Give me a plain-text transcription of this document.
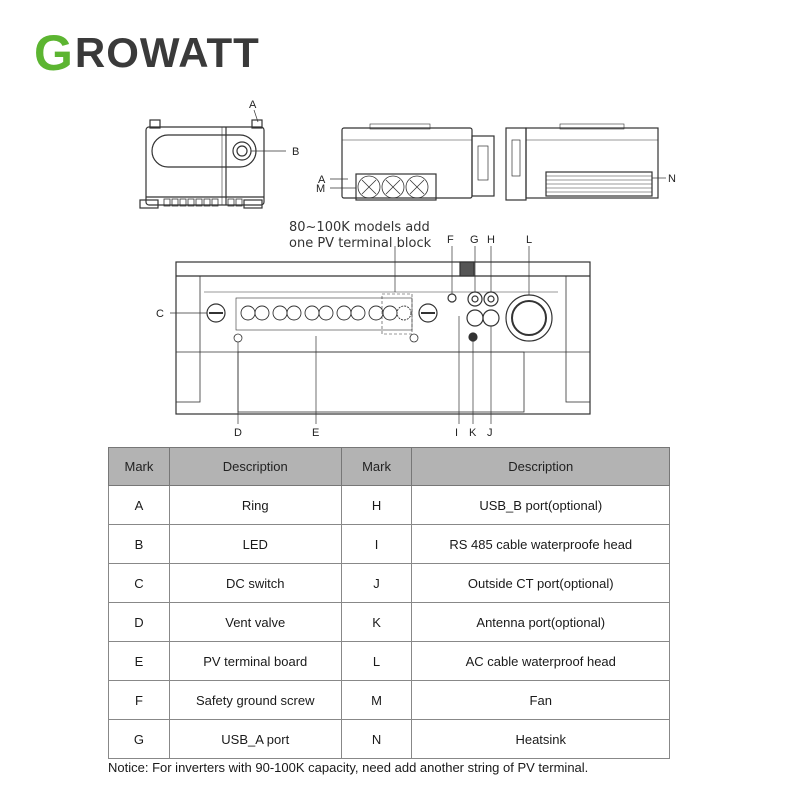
G ROWATT
A
B
A
M
N
80~100K models add
one PV terminal block
C
F G H	L
D	E	I K J
Mark	Description	Mark	Description
A	Ring	H	USB_B port(optional)
B	LED	I	RS 485 cable waterproofe head
C	DC switch	J	Outside CT port(optional)
D	Vent valve	K	Antenna port(optional)
E	PV terminal board	L	AC cable waterproof head
F	Safety ground screw	M	Fan
G	USB_A port	N	Heatsink
Notice: For inverters with 90-100K capacity, need add another string of PV terminal.
